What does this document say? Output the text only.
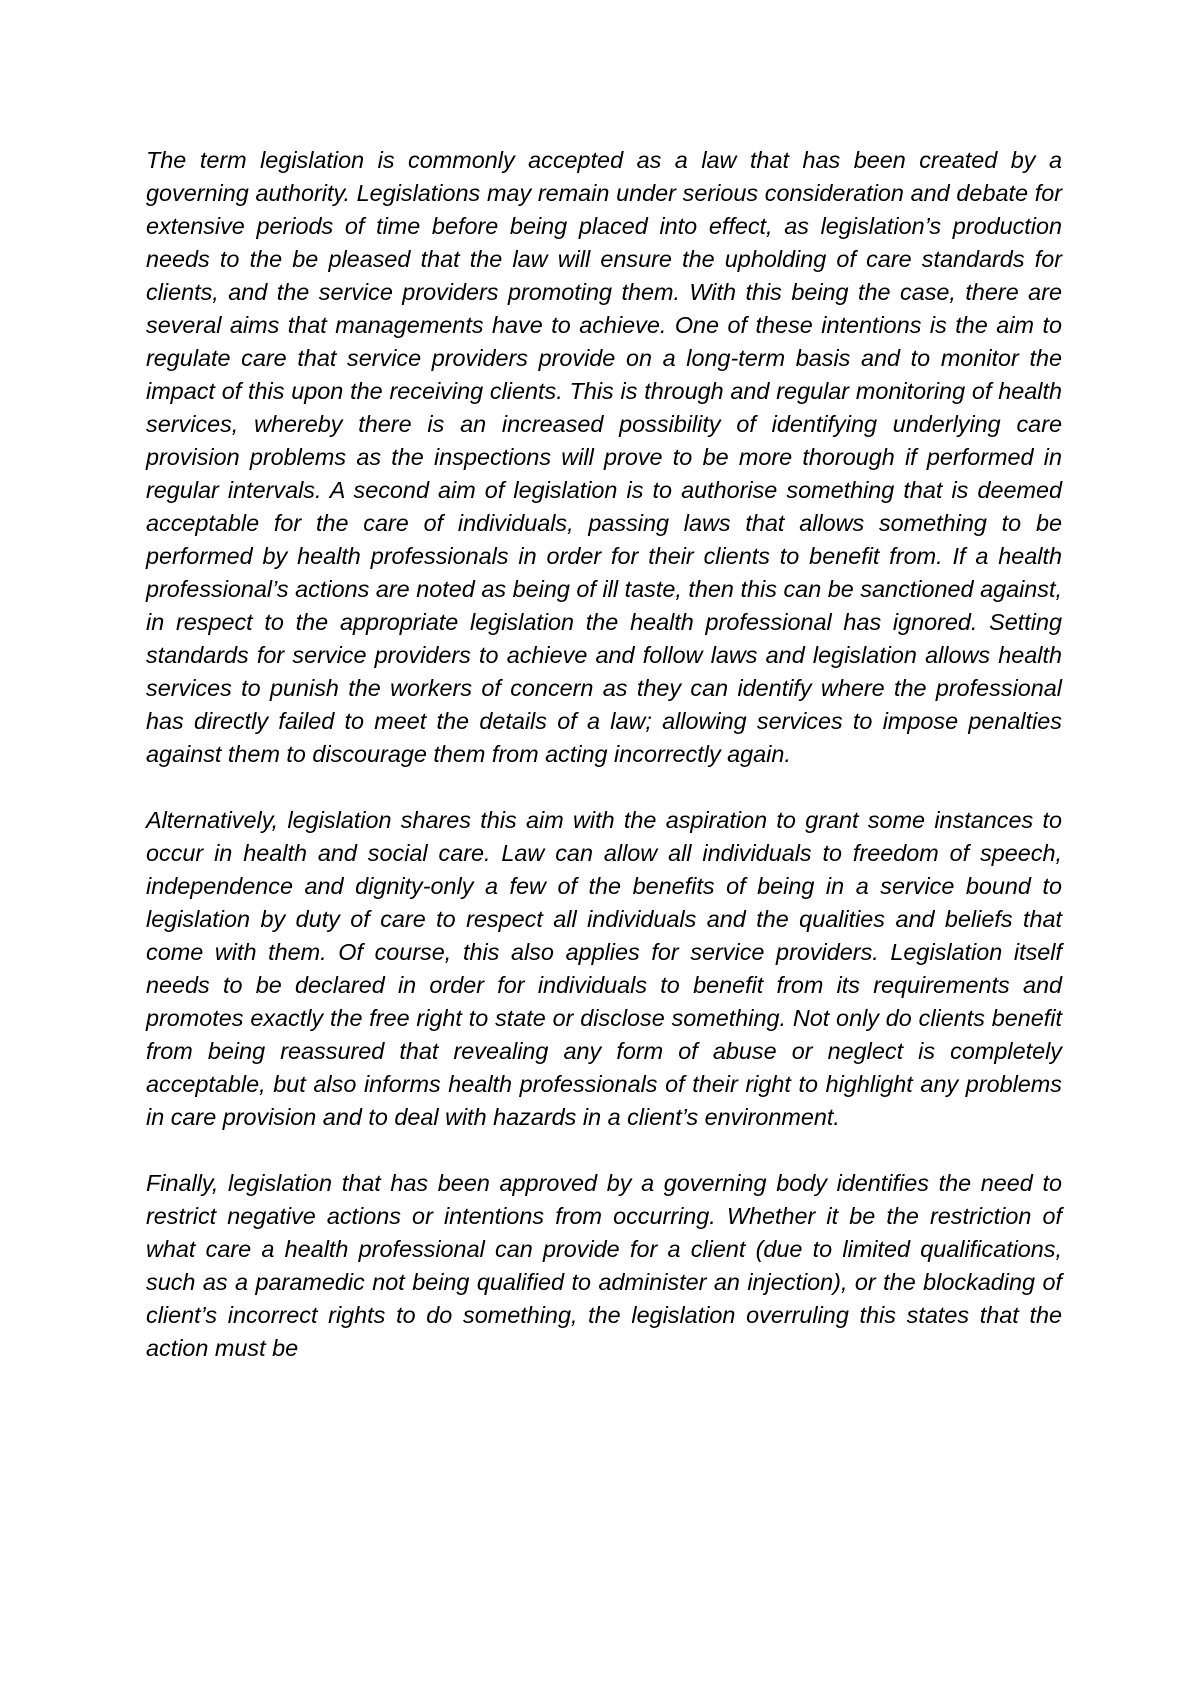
The term legislation is commonly accepted as a law that has been created by a governing authority. Legislations may remain under serious consideration and debate for extensive periods of time before being placed into effect, as legislation’s production needs to the be pleased that the law will ensure the upholding of care standards for clients, and the service providers promoting them. With this being the case, there are several aims that managements have to achieve. One of these intentions is the aim to regulate care that service providers provide on a long-term basis and to monitor the impact of this upon the receiving clients. This is through and regular monitoring of health services, whereby there is an increased possibility of identifying underlying care provision problems as the inspections will prove to be more thorough if performed in regular intervals. A second aim of legislation is to authorise something that is deemed acceptable for the care of individuals, passing laws that allows something to be performed by health professionals in order for their clients to benefit from. If a health professional’s actions are noted as being of ill taste, then this can be sanctioned against, in respect to the appropriate legislation the health professional has ignored. Setting standards for service providers to achieve and follow laws and legislation allows health services to punish the workers of concern as they can identify where the professional has directly failed to meet the details of a law; allowing services to impose penalties against them to discourage them from acting incorrectly again.

Alternatively, legislation shares this aim with the aspiration to grant some instances to occur in health and social care. Law can allow all individuals to freedom of speech, independence and dignity-only a few of the benefits of being in a service bound to legislation by duty of care to respect all individuals and the qualities and beliefs that come with them. Of course, this also applies for service providers. Legislation itself needs to be declared in order for individuals to benefit from its requirements and promotes exactly the free right to state or disclose something. Not only do clients benefit from being reassured that revealing any form of abuse or neglect is completely acceptable, but also informs health professionals of their right to highlight any problems in care provision and to deal with hazards in a client’s environment.

Finally, legislation that has been approved by a governing body identifies the need to restrict negative actions or intentions from occurring. Whether it be the restriction of what care a health professional can provide for a client (due to limited qualifications, such as a paramedic not being qualified to administer an injection), or the blockading of client’s incorrect rights to do something, the legislation overruling this states that the action must be
